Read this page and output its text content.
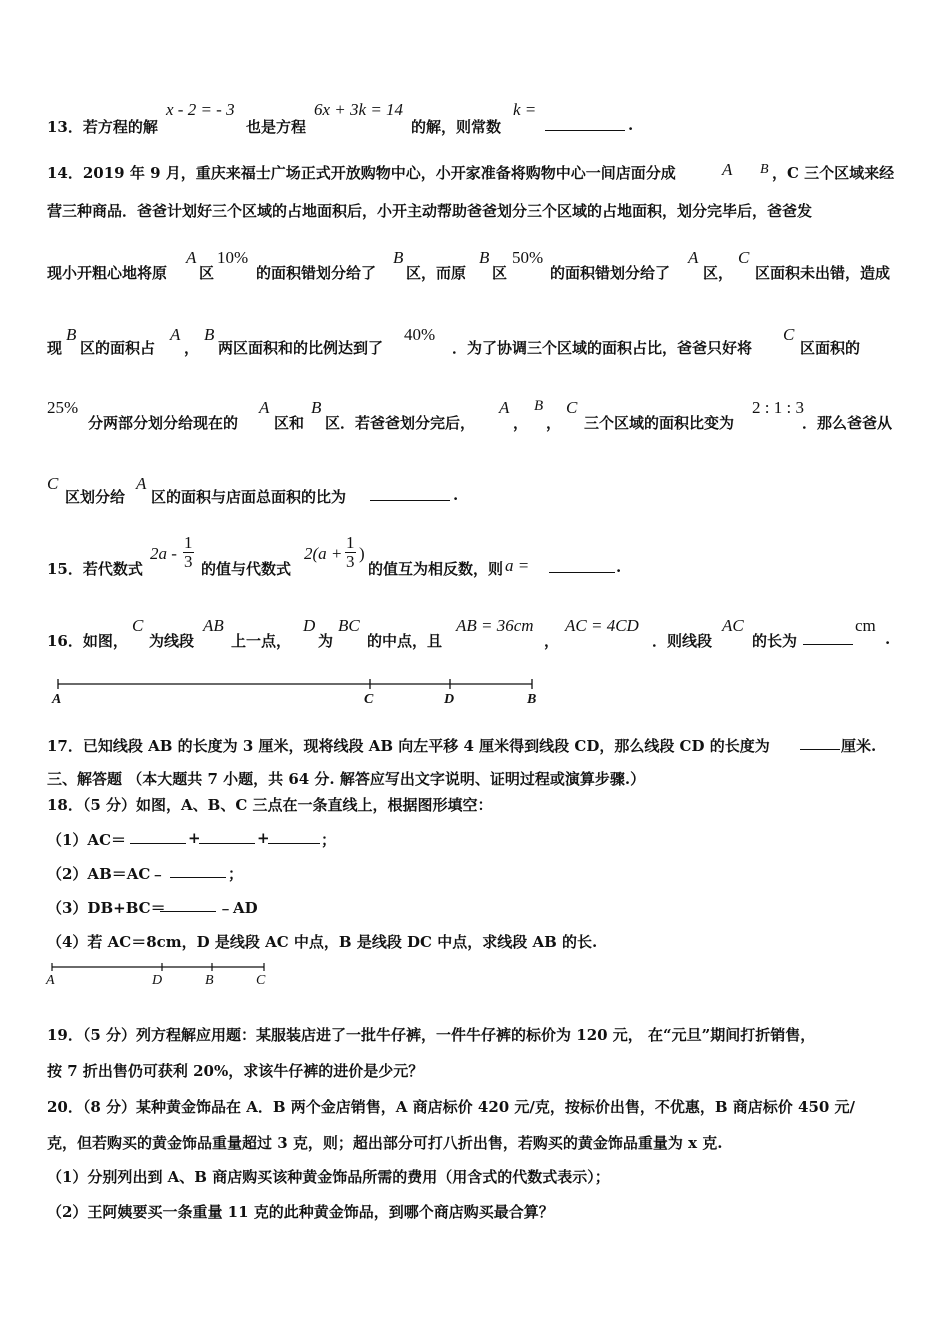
13．若方程的解
x - 2 = - 3
也是方程
6x + 3k = 14
的解，则常数
k =
.
14．2019 年 9 月，重庆来福士广场正式开放购物中心，小开家准备将购物中心一间店面分成	A B ，C 三个区域来经
营三种商品．爸爸计划好三个区域的占地面积后，小开主动帮助爸爸划分三个区域的占地面积，划分完毕后，爸爸发
现小开粗心地将原
A
区
10%
的面积错划分给了
B
区，而原
B
区
50%
的面积错划分给了
A
区，
C
区面积未出错，造成
现
B
区的面积占
A
，
B
两区面积和的比例达到了
40%
．为了协调三个区域的面积占比，爸爸只好将
C
区面积的
25%
分两部分划分给现在的
A
区和
B
区．若爸爸划分完后，
A
，
B
，
C
三个区域的面积比变为
2 : 1 : 3
．那么爸爸从
C
区划分给
A
区的面积与店面总面积的比为	.
15．若代数式
$2a - \frac{1}{3}$ 的值与代数式
$2(a + \frac{1}{3}$ )
的值互为相反数，则 a =	.
16．如图，
C
为线段
AB
上一点，
D
为
BC
的中点，且
AB = 36cm
，
AC = 4CD
．则线段
AC
的长为
cm
.
A	C	D	B
17．已知线段 AB 的长度为 3 厘米，现将线段 AB 向左平移 4 厘米得到线段 CD，那么线段 CD 的长度为	厘米.
三、解答题 （本大题共 7 小题，共 64 分. 解答应写出文字说明、证明过程或演算步骤.）
18．（5 分）如图，A、B、C 三点在一条直线上，根据图形填空：
（1）AC＝	+	+	；
（2）AB＝AC﹣	；
（3）DB+BC＝	﹣AD
（4）若 AC＝8cm，D 是线段 AC 中点，B 是线段 DC 中点，求线段 AB 的长.
A	D	B	C
19．（5 分）列方程解应用题：某服装店进了一批牛仔裤，一件牛仔裤的标价为 120 元， 在“元旦”期间打折销售，
按 7 折出售仍可获利 20%，求该牛仔裤的进价是少元？
20．（8 分）某种黄金饰品在 A．B 两个金店销售，A 商店标价 420 元/克，按标价出售，不优惠，B 商店标价 450 元/
克，但若购买的黄金饰品重量超过 3 克，则；超出部分可打八折出售，若购买的黄金饰品重量为 x 克.
（1）分别列出到 A、B 商店购买该种黄金饰品所需的费用（用含式的代数式表示）；
（2）王阿姨要买一条重量 11 克的此种黄金饰品，到哪个商店购买最合算？
